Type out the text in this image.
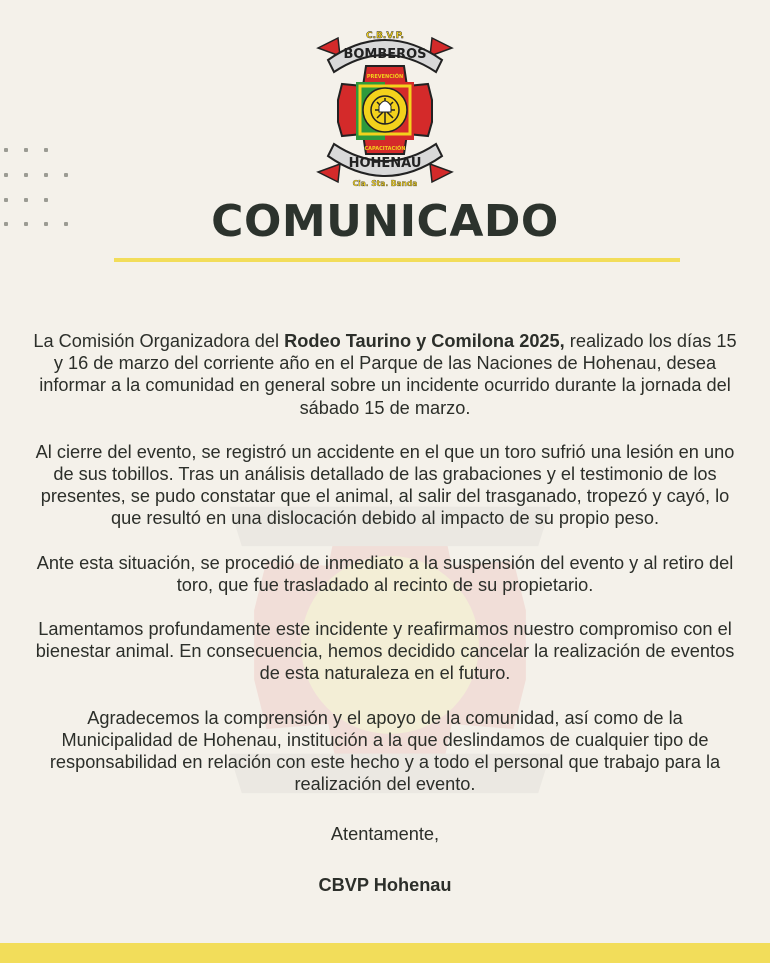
PREVENCIÓN
CAPACITACIÓN
BOMBEROS
C.B.V.P.
HOHENAU
Cia. Sta. Banda
COMUNICADO

La Comisión Organizadora del Rodeo Taurino y Comilona 2025, realizado los días 15 y 16 de marzo del corriente año en el Parque de las Naciones de Hohenau, desea informar a la comunidad en general sobre un incidente ocurrido durante la jornada del sábado 15 de marzo.

Al cierre del evento, se registró un accidente en el que un toro sufrió una lesión en uno de sus tobillos. Tras un análisis detallado de las grabaciones y el testimonio de los presentes, se pudo constatar que el animal, al salir del trasganado, tropezó y cayó, lo que resultó en una dislocación debido al impacto de su propio peso.

Ante esta situación, se procedió de inmediato a la suspensión del evento y al retiro del toro, que fue trasladado al recinto de su propietario.

Lamentamos profundamente este incidente y reafirmamos nuestro compromiso con el bienestar animal. En consecuencia, hemos decidido cancelar la realización de eventos de esta naturaleza en el futuro.

Agradecemos la comprensión y el apoyo de la comunidad, así como de la Municipalidad de Hohenau, institución a la que deslindamos de cualquier tipo de responsabilidad en relación con este hecho y a todo el personal que trabajo para la realización del evento.

Atentamente,

CBVP Hohenau
